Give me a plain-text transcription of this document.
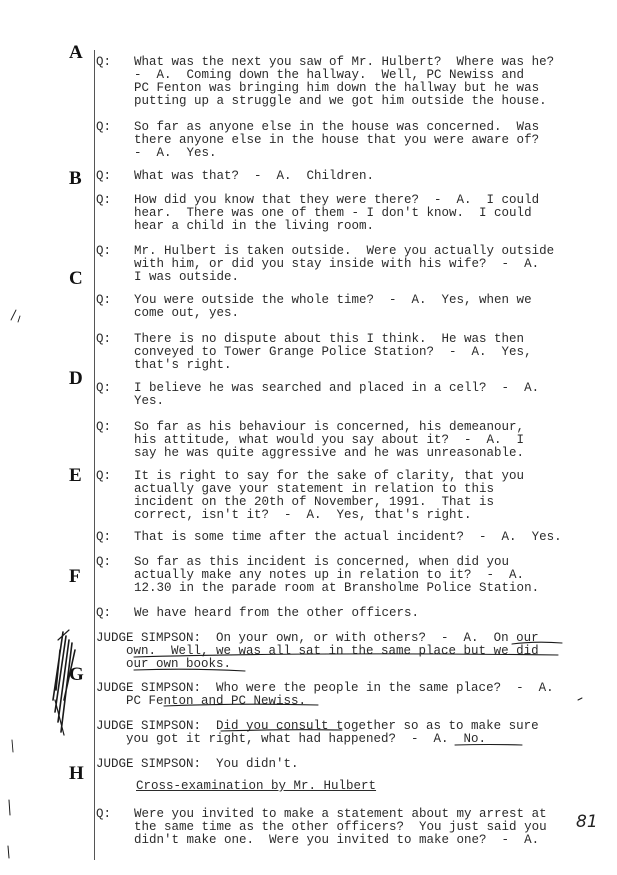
A
B
C
D
E
F
G
H
Q: What was the next you saw of Mr. Hulbert?  Where was he?
-  A.  Coming down the hallway.  Well, PC Newiss and
PC Fenton was bringing him down the hallway but he was
putting up a struggle and we got him outside the house.
Q: So far as anyone else in the house was concerned.  Was
there anyone else in the house that you were aware of?
-  A.  Yes.
Q: What was that?  -  A.  Children.
Q: How did you know that they were there?  -  A.  I could
hear.  There was one of them - I don't know.  I could
hear a child in the living room.
Q: Mr. Hulbert is taken outside.  Were you actually outside
with him, or did you stay inside with his wife?  -  A.
I was outside.
Q: You were outside the whole time?  -  A.  Yes, when we
come out, yes.
Q: There is no dispute about this I think.  He was then
conveyed to Tower Grange Police Station?  -  A.  Yes,
that's right.
Q: I believe he was searched and placed in a cell?  -  A.
Yes.
Q: So far as his behaviour is concerned, his demeanour,
his attitude, what would you say about it?  -  A.  I
say he was quite aggressive and he was unreasonable.
Q: It is right to say for the sake of clarity, that you
actually gave your statement in relation to this
incident on the 20th of November, 1991.  That is
correct, isn't it?  -  A.  Yes, that's right.
Q: That is some time after the actual incident?  -  A.  Yes.
Q: So far as this incident is concerned, when did you
actually make any notes up in relation to it?  -  A.
12.30 in the parade room at Bransholme Police Station.
Q: We have heard from the other officers.
JUDGE SIMPSON:  On your own, or with others?  -  A.  On our
own.  Well, we was all sat in the same place but we did
our own books.
JUDGE SIMPSON:  Who were the people in the same place?  -  A.
PC Fenton and PC Newiss.
JUDGE SIMPSON:  Did you consult together so as to make sure
you got it right, what had happened?  -  A.  No.
JUDGE SIMPSON:  You didn't.
Cross-examination by Mr. Hulbert
Q: Were you invited to make a statement about my arrest at
the same time as the other officers?  You just said you
didn't make one.  Were you invited to make one?  -  A.
81
